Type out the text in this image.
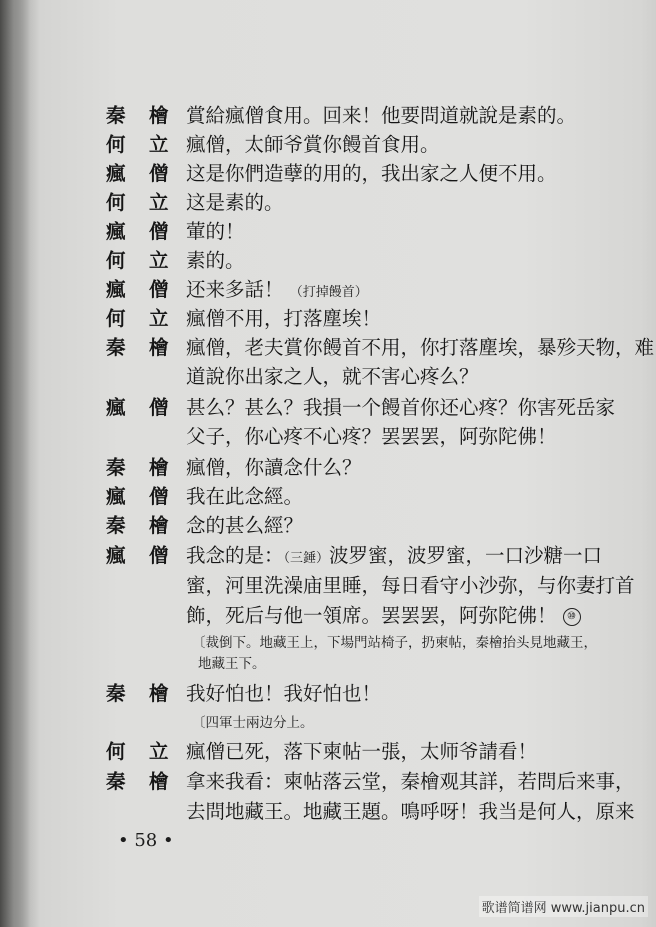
秦 檜 賞給瘋僧食用。回来！他要問道就說是素的。
何 立 瘋僧，太師爷賞你饅首食用。
瘋 僧 这是你們造孽的用的，我出家之人便不用。
何 立 这是素的。
瘋 僧 葷的！
何 立 素的。
瘋 僧 还来多話！ （打掉饅首）
何 立 瘋僧不用，打落塵埃！
秦 檜 瘋僧，老夫賞你饅首不用，你打落塵埃，暴殄天物，难
道說你出家之人，就不害心疼么？
瘋 僧 甚么？甚么？我損一个饅首你还心疼？你害死岳家
父子，你心疼不心疼？罢罢罢，阿弥陀佛！
秦 檜 瘋僧，你讀念什么？
瘋 僧 我在此念經。
秦 檜 念的甚么經？
瘋 僧 我念的是：（三錘）波罗蜜，波罗蜜，一口沙糖一口
蜜，河里洗澡庙里睡，每日看守小沙弥，与你妻打首
飾，死后与他一領席。罢罢罢，阿弥陀佛！ ⑩
〔裁倒下。地藏王上，下場門站椅子，扔柬帖，秦檜抬头見地藏王，
地藏王下。
秦 檜 我好怕也！我好怕也！
〔四軍士兩边分上。
何 立 瘋僧已死，落下柬帖一張，太师爷請看！
秦 檜 拿来我看：柬帖落云堂，秦檜观其詳，若問后来事，
去問地藏王。地藏王題。鳴呼呀！我当是何人，原来
• 58 •
歌谱简谱网 www.jianpu.cn
